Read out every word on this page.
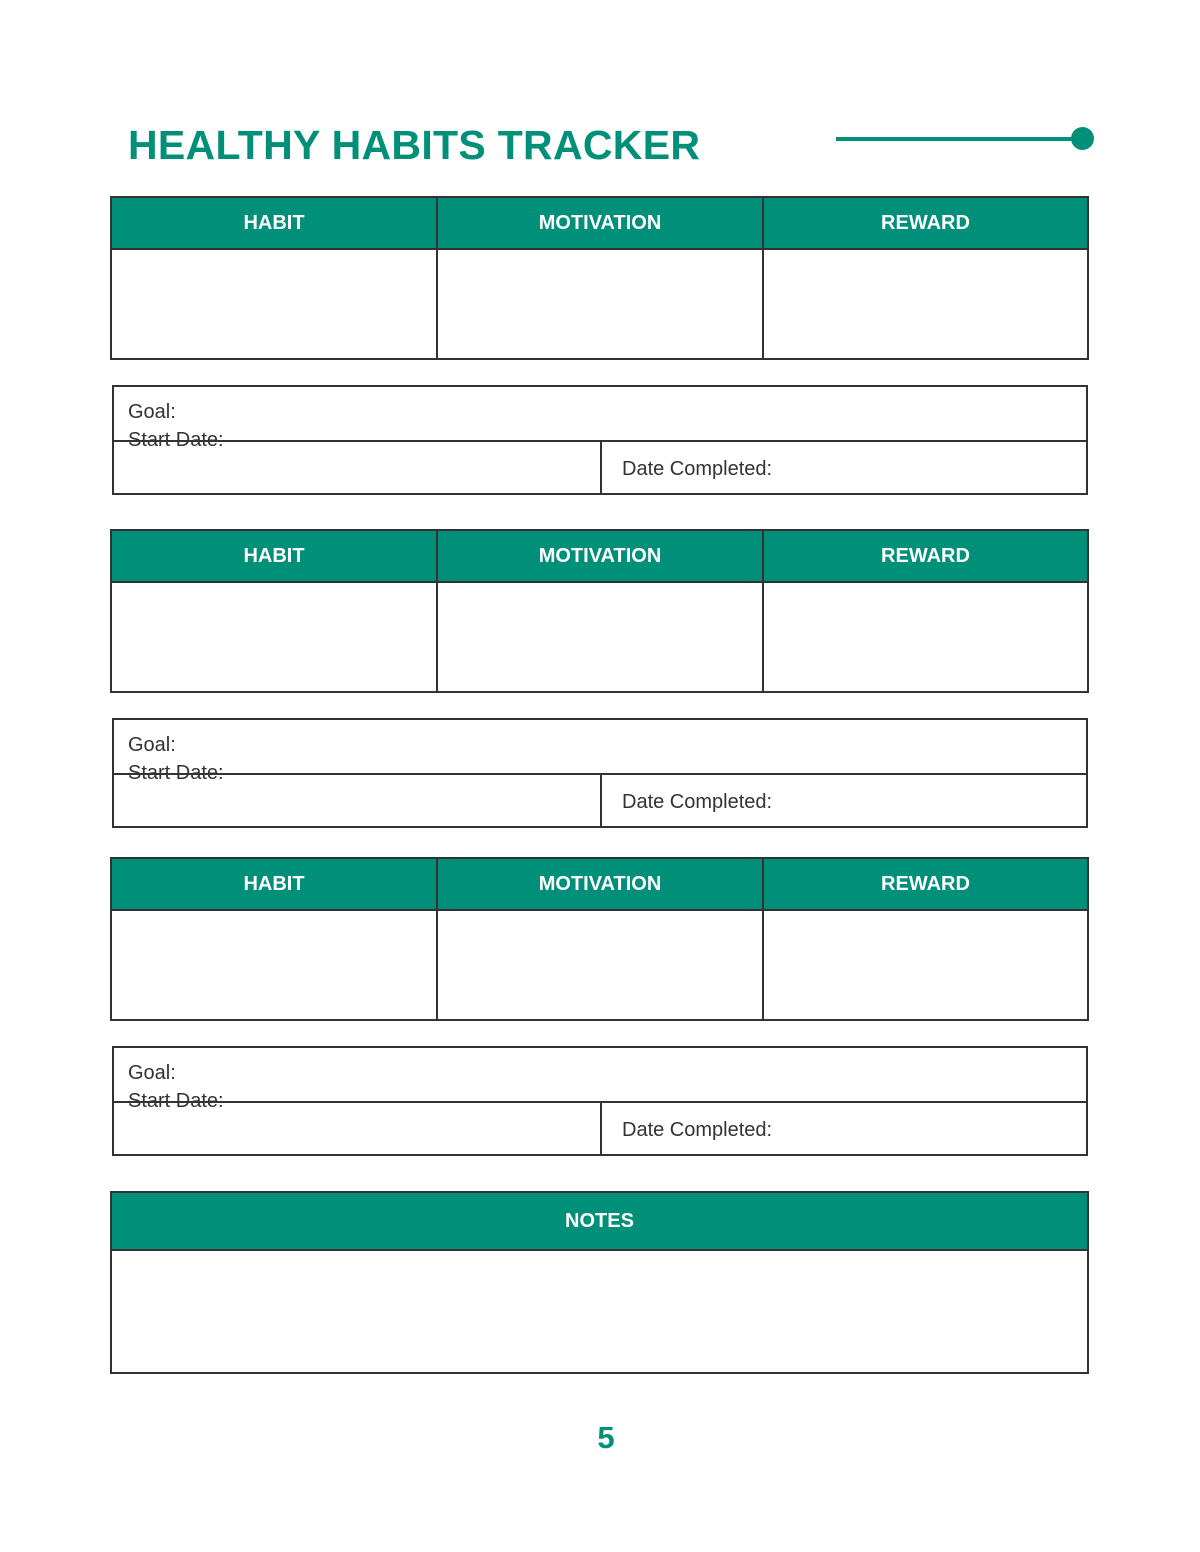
HEALTHY HABITS TRACKER
HABIT	MOTIVATION	REWARD
Goal:
Start Date:
Date Completed:
HABIT	MOTIVATION	REWARD
Goal:
Start Date:
Date Completed:
HABIT	MOTIVATION	REWARD
Goal:
Start Date:
Date Completed:
NOTES
5
